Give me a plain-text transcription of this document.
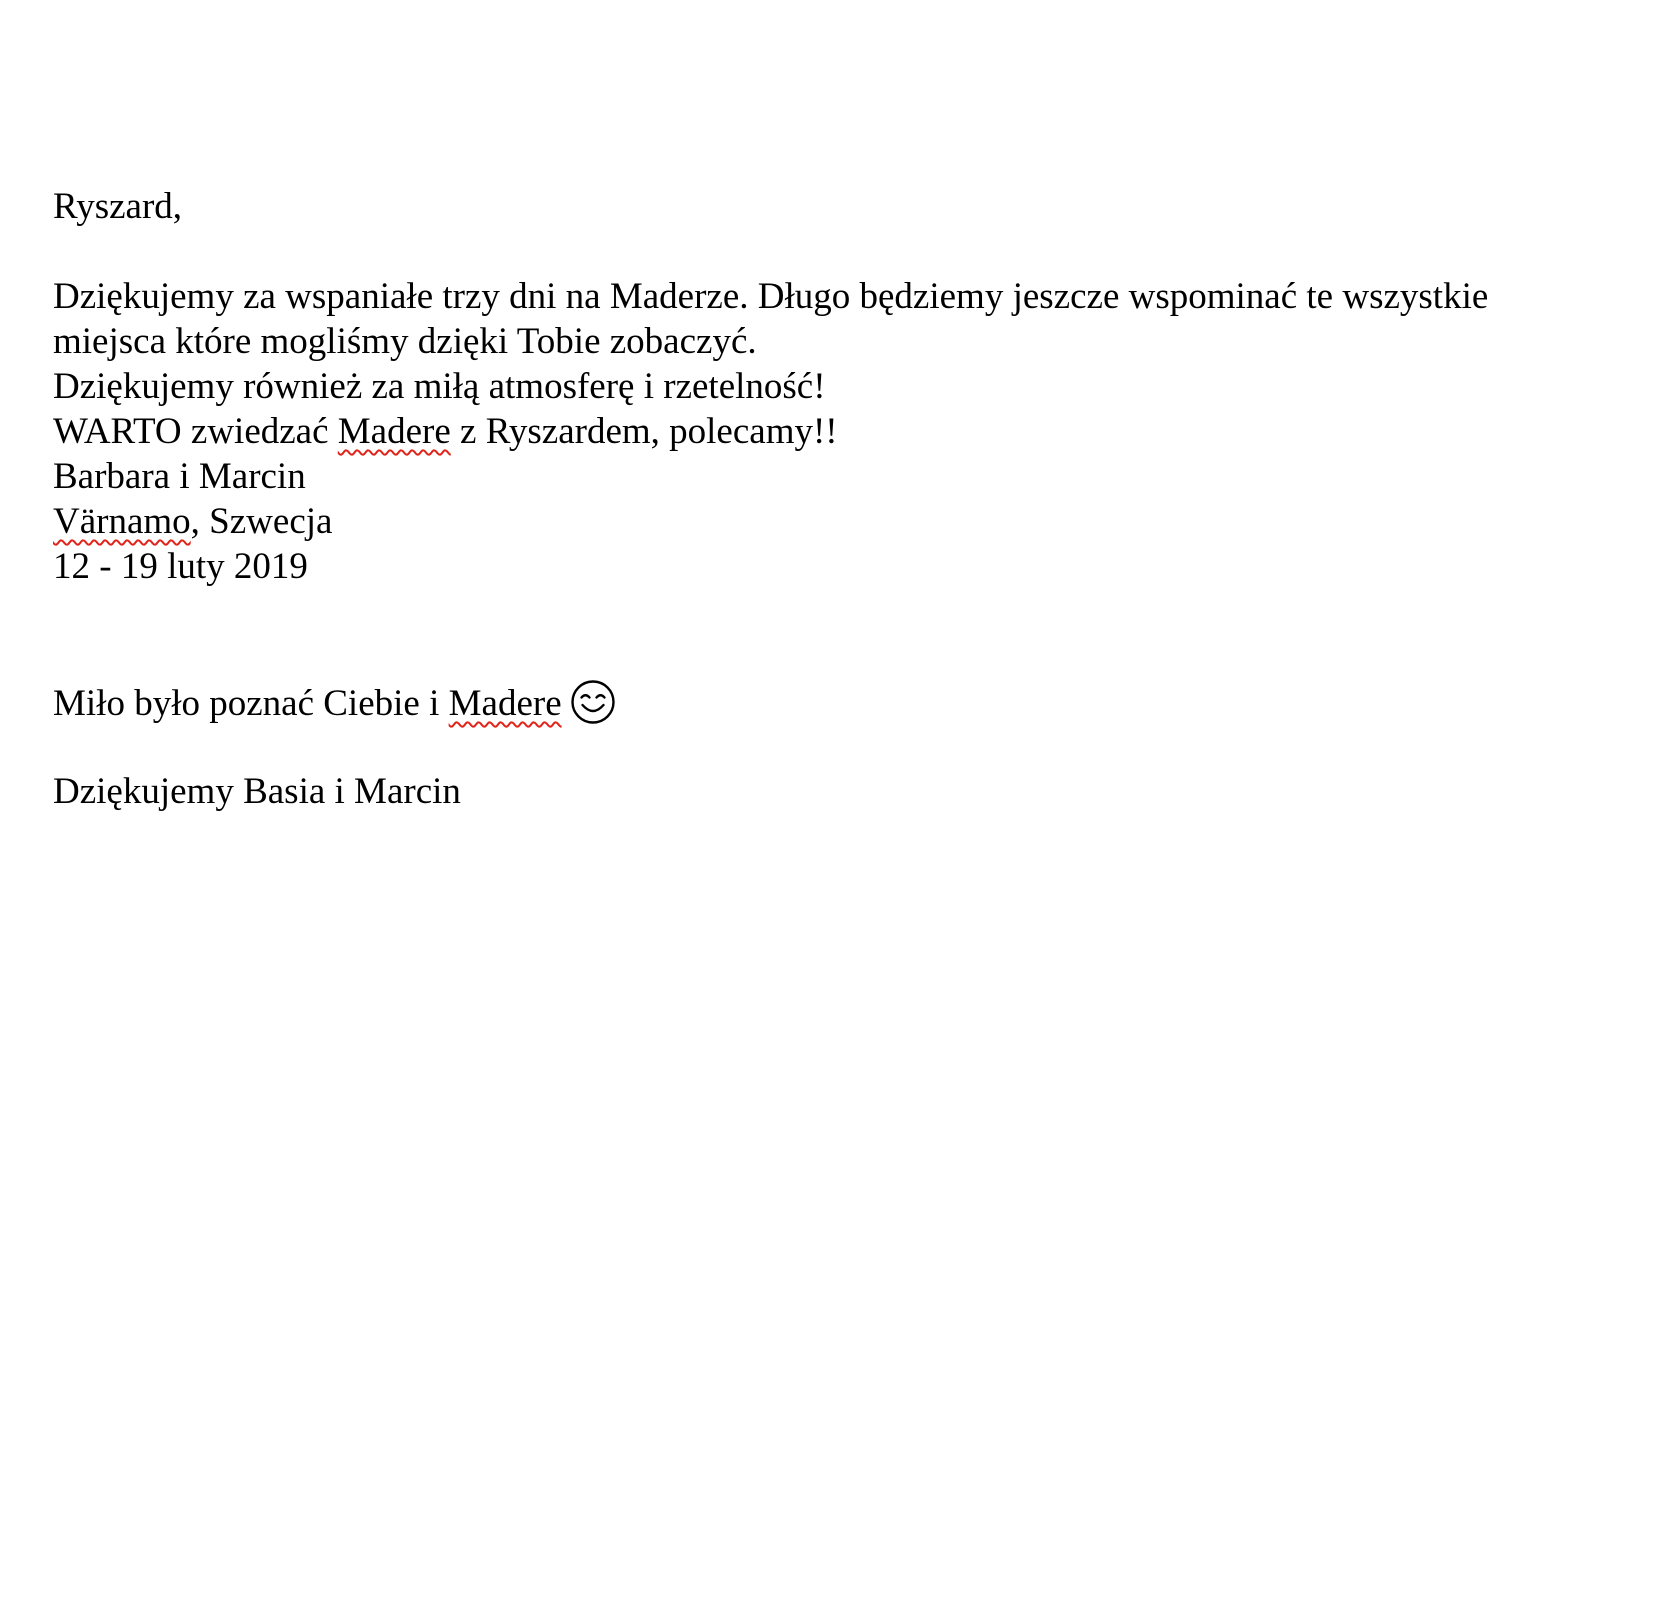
Ryszard,
Dziękujemy za wspaniałe trzy dni na Maderze. Długo będziemy jeszcze wspominać te wszystkie
miejsca które mogliśmy dzięki Tobie zobaczyć.
Dziękujemy również za miłą atmosferę i rzetelność!
WARTO zwiedzać Madere z Ryszardem, polecamy!!
Barbara i Marcin
Värnamo, Szwecja
12 - 19 luty 2019
Miło było poznać Ciebie i Madere
Dziękujemy Basia i Marcin
